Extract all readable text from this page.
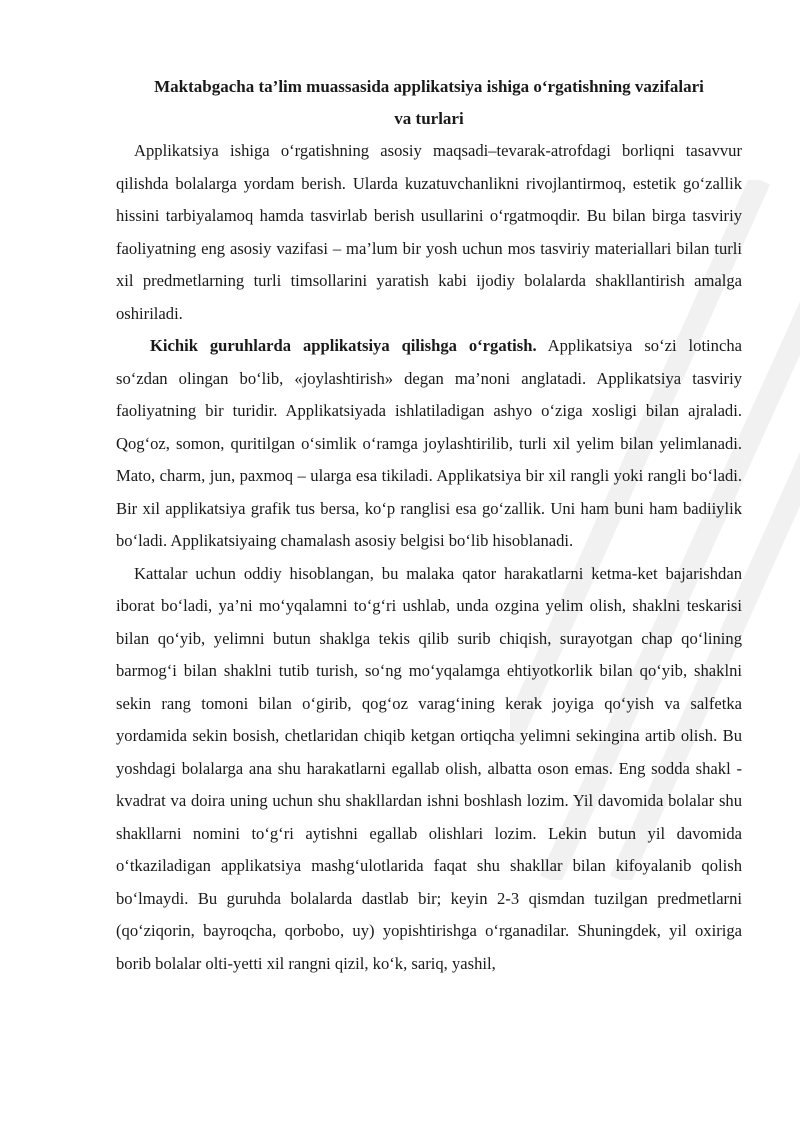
Maktabgacha ta’lim muassasida applikatsiya ishiga o‘rgatishning vazifalari
va turlari

Applikatsiya ishiga o‘rgatishning asosiy maqsadi–tevarak-atrofdagi borliqni tasavvur qilishda bolalarga yordam berish. Ularda kuzatuvchanlikni rivojlantirmoq, estetik go‘zallik hissini tarbiyalamoq hamda tasvirlab berish usullarini o‘rgatmoqdir. Bu bilan birga tasviriy faoliyatning eng asosiy vazifasi – ma’lum bir yosh uchun mos tasviriy materiallari bilan turli xil predmetlarning turli timsollarini yaratish kabi ijodiy bolalarda shakllantirish amalga oshiriladi.

Kichik guruhlarda applikatsiya qilishga o‘rgatish. Applikatsiya so‘zi lotincha so‘zdan olingan bo‘lib, «joylashtirish» degan ma’noni anglatadi. Applikatsiya tasviriy faoliyatning bir turidir. Applikatsiyada ishlatiladigan ashyo o‘ziga xosligi bilan ajraladi. Qog‘oz, somon, quritilgan o‘simlik o‘ramga joylashtirilib, turli xil yelim bilan yelimlanadi. Mato, charm, jun, paxmoq – ularga esa tikiladi. Applikatsiya bir xil rangli yoki rangli bo‘ladi. Bir xil applikatsiya grafik tus bersa, ko‘p ranglisi esa go‘zallik. Uni ham buni ham badiiylik bo‘ladi. Applikatsiyaing chamalash asosiy belgisi bo‘lib hisoblanadi.

Kattalar uchun oddiy hisoblangan, bu malaka qator harakatlarni ketma-ket bajarishdan iborat bo‘ladi, ya’ni mo‘yqalamni to‘g‘ri ushlab, unda ozgina yelim olish, shaklni teskarisi bilan qo‘yib, yelimni butun shaklga tekis qilib surib chiqish, surayotgan chap qo‘lining barmog‘i bilan shaklni tutib turish, so‘ng mo‘yqalamga ehtiyotkorlik bilan qo‘yib, shaklni sekin rang tomoni bilan o‘girib, qog‘oz varag‘ining kerak joyiga qo‘yish va salfetka yordamida sekin bosish, chetlaridan chiqib ketgan ortiqcha yelimni sekingina artib olish. Bu yoshdagi bolalarga ana shu harakatlarni egallab olish, albatta oson emas. Eng sodda shakl - kvadrat va doira uning uchun shu shakllardan ishni boshlash lozim. Yil davomida bolalar shu shakllarni nomini to‘g‘ri aytishni egallab olishlari lozim. Lekin butun yil davomida o‘tkaziladigan applikatsiya mashg‘ulotlarida faqat shu shakllar bilan kifoyalanib qolish bo‘lmaydi. Bu guruhda bolalarda dastlab bir; keyin 2-3 qismdan tuzilgan predmetlarni (qo‘ziqorin, bayroqcha, qorbobo, uy) yopishtirishga o‘rganadilar. Shuningdek, yil oxiriga borib bolalar olti-yetti xil rangni qizil, ko‘k, sariq, yashil,
